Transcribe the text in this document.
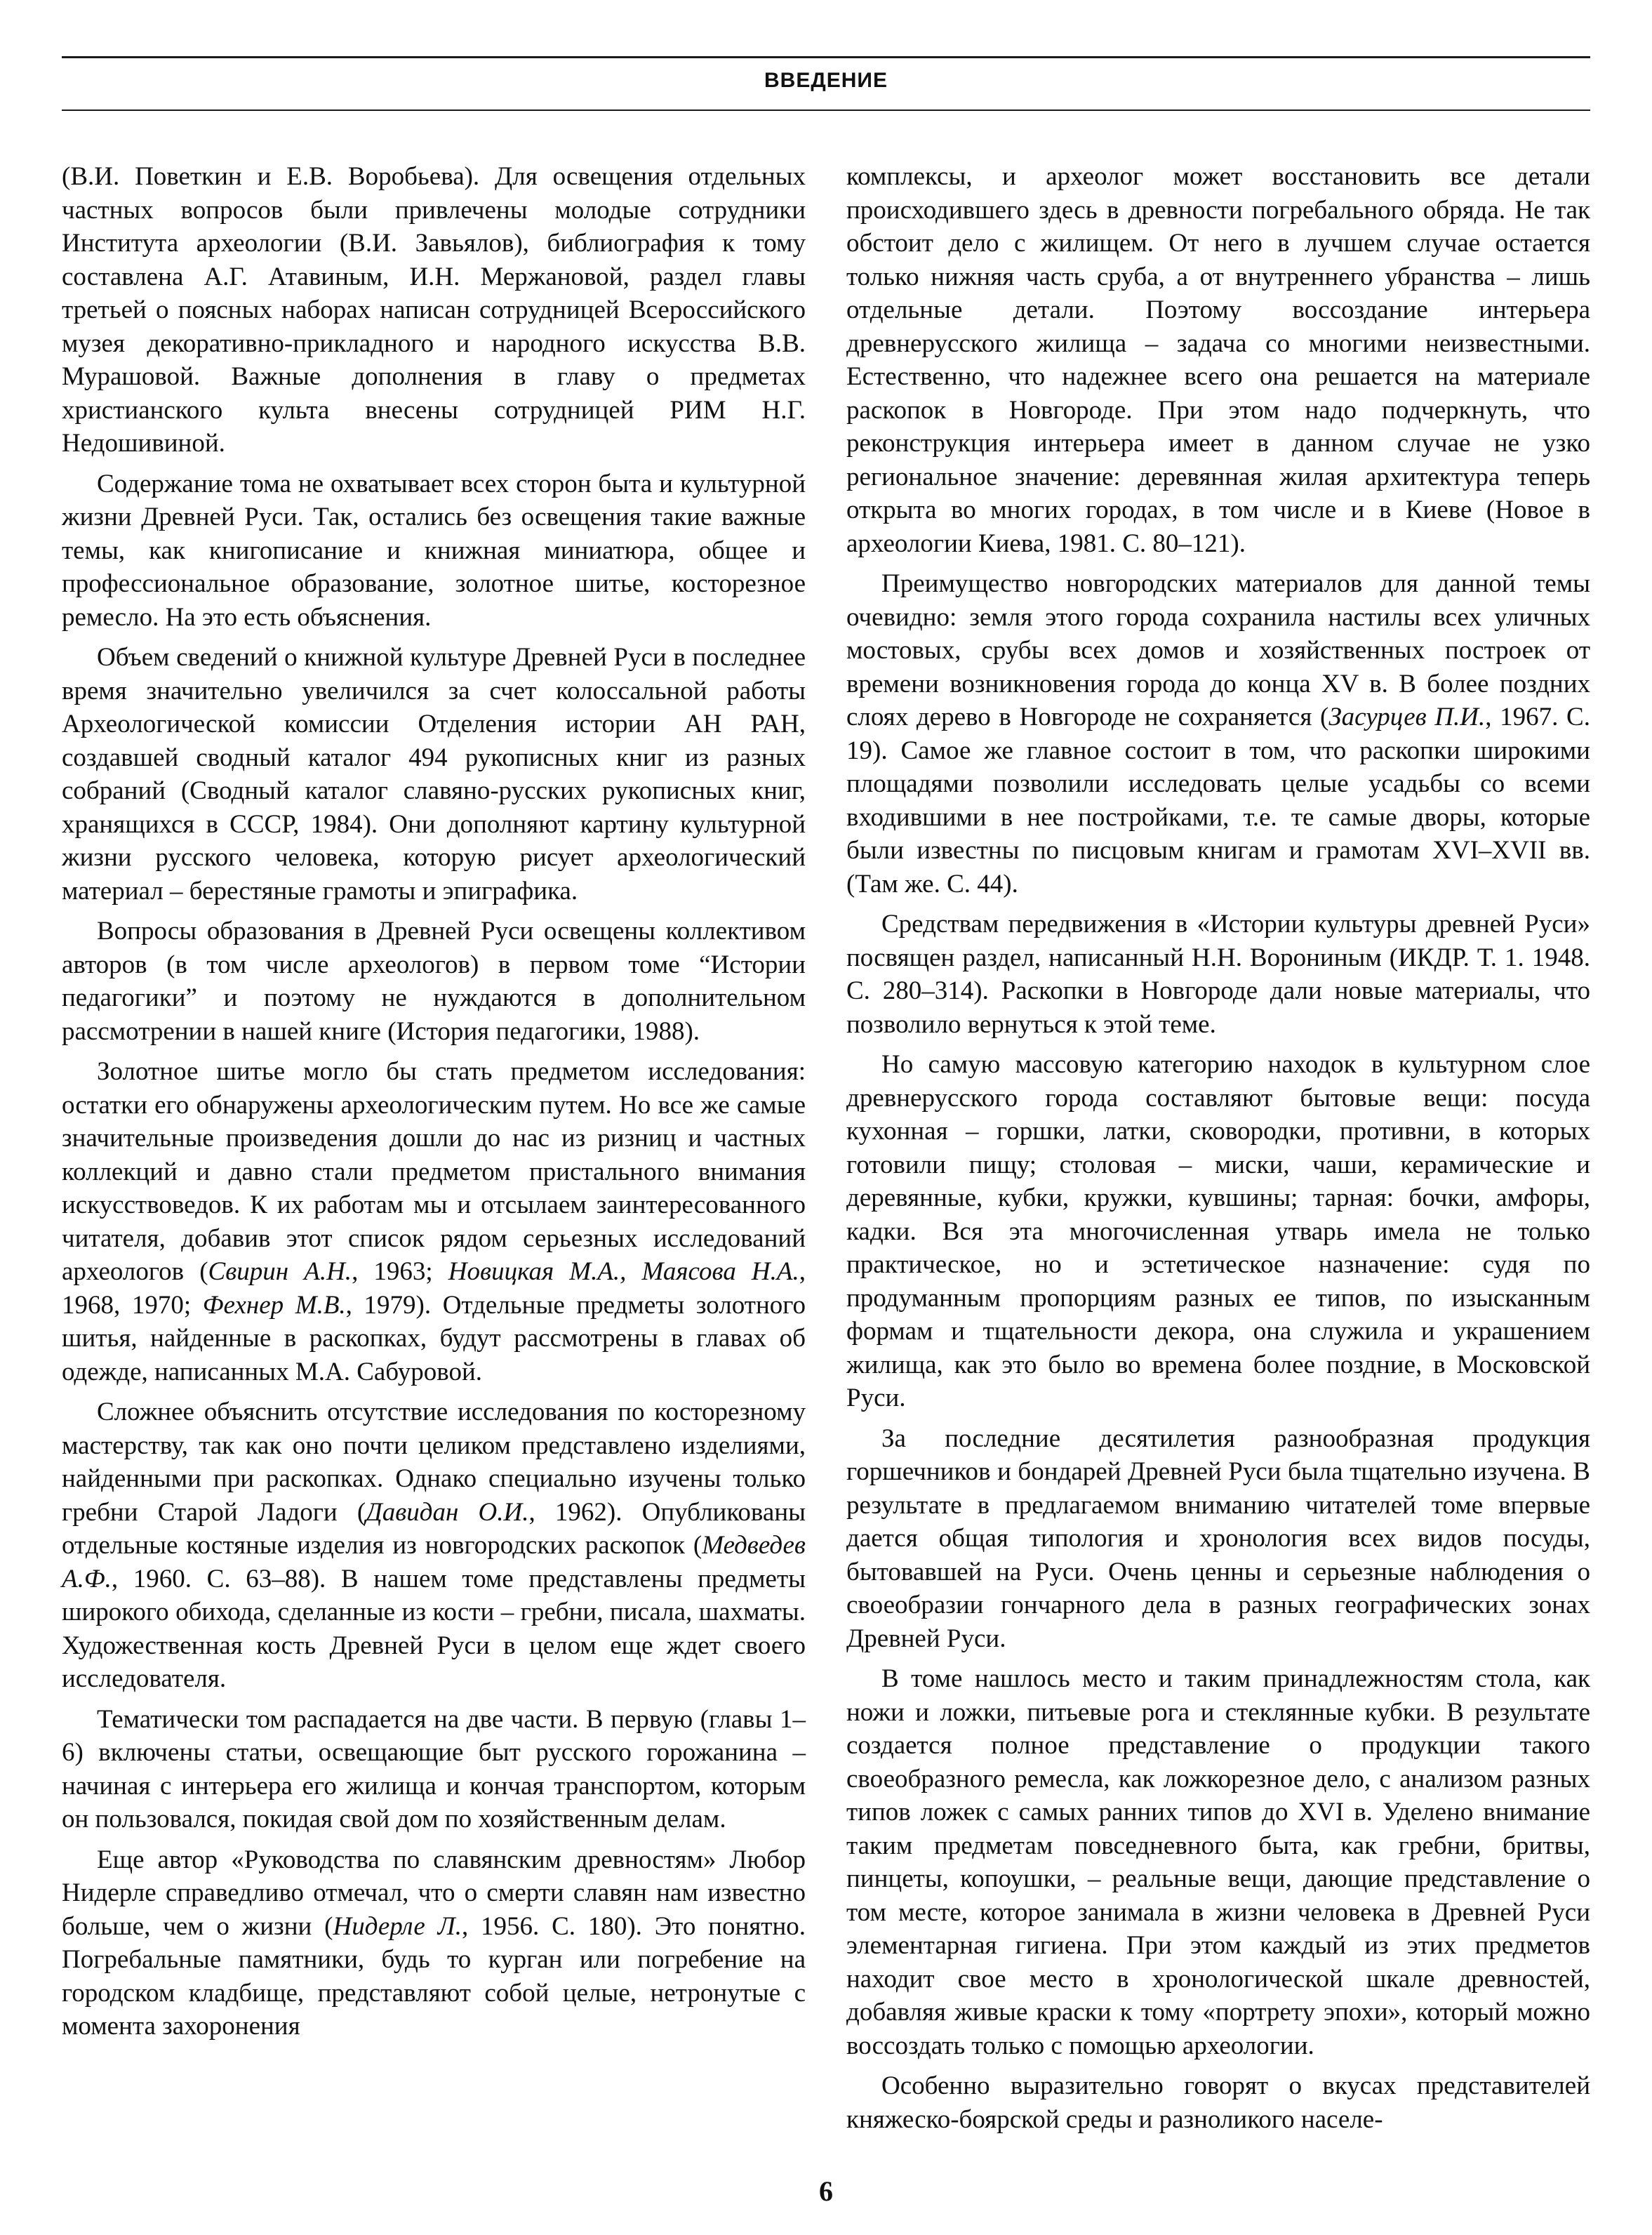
ВВЕДЕНИЕ

(В.И. Поветкин и Е.В. Воробьева). Для освещения отдельных частных вопросов были привлечены молодые сотрудники Института археологии (В.И. Завьялов), библиография к тому составлена А.Г. Атавиным, И.Н. Мержановой, раздел главы третьей о поясных наборах написан сотрудницей Всероссийского музея декоративно-прикладного и народного искусства В.В. Мурашовой. Важные дополнения в главу о предметах христианского культа внесены сотрудницей РИМ Н.Г. Недошивиной.

Содержание тома не охватывает всех сторон быта и культурной жизни Древней Руси. Так, остались без освещения такие важные темы, как книгописание и книжная миниатюра, общее и профессиональное образование, золотное шитье, косторезное ремесло. На это есть объяснения.

Объем сведений о книжной культуре Древней Руси в последнее время значительно увеличился за счет колоссальной работы Археологической комиссии Отделения истории АН РАН, создавшей сводный каталог 494 рукописных книг из разных собраний (Сводный каталог славяно-русских рукописных книг, хранящихся в СССР, 1984). Они дополняют картину культурной жизни русского человека, которую рисует археологический материал – берестяные грамоты и эпиграфика.

Вопросы образования в Древней Руси освещены коллективом авторов (в том числе археологов) в первом томе “Истории педагогики” и поэтому не нуждаются в дополнительном рассмотрении в нашей книге (История педагогики, 1988).

Золотное шитье могло бы стать предметом исследования: остатки его обнаружены археологическим путем. Но все же самые значительные произведения дошли до нас из ризниц и частных коллекций и давно стали предметом пристального внимания искусствоведов. К их работам мы и отсылаем заинтересованного читателя, добавив этот список рядом серьезных исследований археологов (Свирин А.Н., 1963; Новицкая М.А., Маясова Н.А., 1968, 1970; Фехнер М.В., 1979). Отдельные предметы золотного шитья, найденные в раскопках, будут рассмотрены в главах об одежде, написанных М.А. Сабуровой.

Сложнее объяснить отсутствие исследования по косторезному мастерству, так как оно почти целиком представлено изделиями, найденными при раскопках. Однако специально изучены только гребни Старой Ладоги (Давидан О.И., 1962). Опубликованы отдельные костяные изделия из новгородских раскопок (Медведев А.Ф., 1960. С. 63–88). В нашем томе представлены предметы широкого обихода, сделанные из кости – гребни, писала, шахматы. Художественная кость Древней Руси в целом еще ждет своего исследователя.

Тематически том распадается на две части. В первую (главы 1–6) включены статьи, освещающие быт русского горожанина – начиная с интерьера его жилища и кончая транспортом, которым он пользовался, покидая свой дом по хозяйственным делам.

Еще автор «Руководства по славянским древностям» Любор Нидерле справедливо отмечал, что о смерти славян нам известно больше, чем о жизни (Нидерле Л., 1956. С. 180). Это понятно. Погребальные памятники, будь то курган или погребение на городском кладбище, представляют собой целые, нетронутые с момента захоронения

комплексы, и археолог может восстановить все детали происходившего здесь в древности погребального обряда. Не так обстоит дело с жилищем. От него в лучшем случае остается только нижняя часть сруба, а от внутреннего убранства – лишь отдельные детали. Поэтому воссоздание интерьера древнерусского жилища – задача со многими неизвестными. Естественно, что надежнее всего она решается на материале раскопок в Новгороде. При этом надо подчеркнуть, что реконструкция интерьера имеет в данном случае не узко региональное значение: деревянная жилая архитектура теперь открыта во многих городах, в том числе и в Киеве (Новое в археологии Киева, 1981. С. 80–121).

Преимущество новгородских материалов для данной темы очевидно: земля этого города сохранила настилы всех уличных мостовых, срубы всех домов и хозяйственных построек от времени возникновения города до конца XV в. В более поздних слоях дерево в Новгороде не сохраняется (Засурцев П.И., 1967. С. 19). Самое же главное состоит в том, что раскопки широкими площадями позволили исследовать целые усадьбы со всеми входившими в нее постройками, т.е. те самые дворы, которые были известны по писцовым книгам и грамотам XVI–XVII вв. (Там же. С. 44).

Средствам передвижения в «Истории культуры древней Руси» посвящен раздел, написанный Н.Н. Ворониным (ИКДР. Т. 1. 1948. С. 280–314). Раскопки в Новгороде дали новые материалы, что позволило вернуться к этой теме.

Но самую массовую категорию находок в культурном слое древнерусского города составляют бытовые вещи: посуда кухонная – горшки, латки, сковородки, противни, в которых готовили пищу; столовая – миски, чаши, керамические и деревянные, кубки, кружки, кувшины; тарная: бочки, амфоры, кадки. Вся эта многочисленная утварь имела не только практическое, но и эстетическое назначение: судя по продуманным пропорциям разных ее типов, по изысканным формам и тщательности декора, она служила и украшением жилища, как это было во времена более поздние, в Московской Руси.

За последние десятилетия разнообразная продукция горшечников и бондарей Древней Руси была тщательно изучена. В результате в предлагаемом вниманию читателей томе впервые дается общая типология и хронология всех видов посуды, бытовавшей на Руси. Очень ценны и серьезные наблюдения о своеобразии гончарного дела в разных географических зонах Древней Руси.

В томе нашлось место и таким принадлежностям стола, как ножи и ложки, питьевые рога и стеклянные кубки. В результате создается полное представление о продукции такого своеобразного ремесла, как ложкорезное дело, с анализом разных типов ложек с самых ранних типов до XVI в. Уделено внимание таким предметам повседневного быта, как гребни, бритвы, пинцеты, копоушки, – реальные вещи, дающие представление о том месте, которое занимала в жизни человека в Древней Руси элементарная гигиена. При этом каждый из этих предметов находит свое место в хронологической шкале древностей, добавляя живые краски к тому «портрету эпохи», который можно воссоздать только с помощью археологии.

Особенно выразительно говорят о вкусах представителей княжеско-боярской среды и разноликого населе-

6
